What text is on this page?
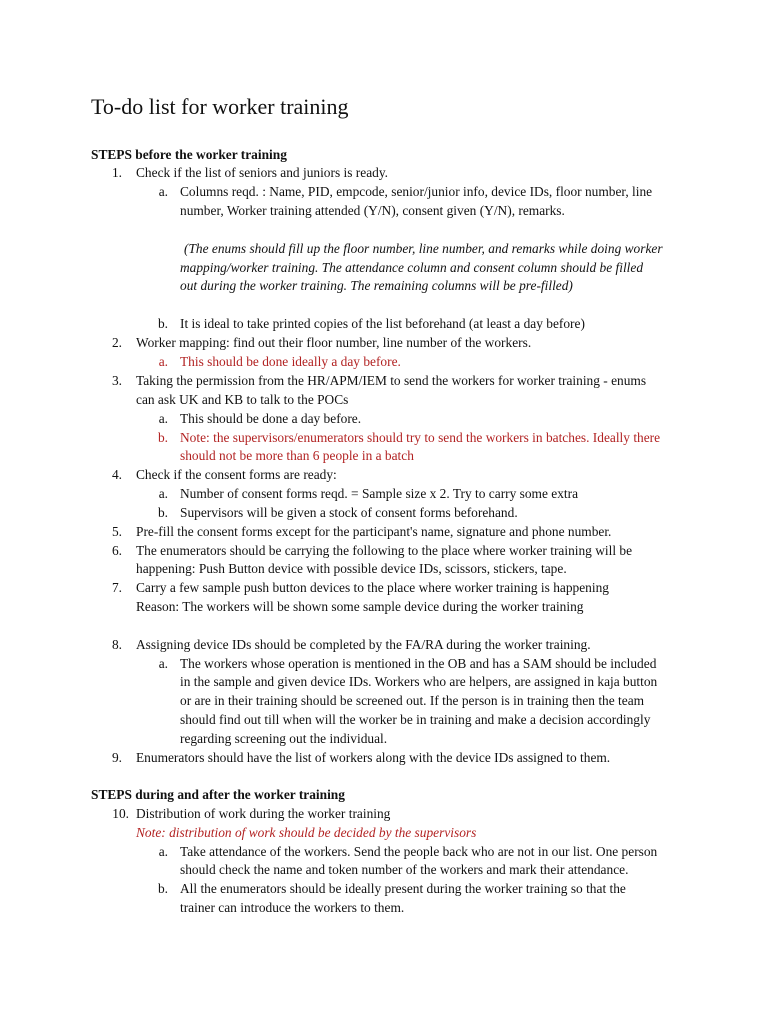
To-do list for worker training
STEPS before the worker training
1. Check if the list of seniors and juniors is ready.
a. Columns reqd. : Name, PID, empcode, senior/junior info, device IDs, floor number, line
number, Worker training attended (Y/N), consent given (Y/N), remarks.
(The enums should fill up the floor number, line number, and remarks while doing worker
mapping/worker training. The attendance column and consent column should be filled
out during the worker training. The remaining columns will be pre-filled)
b. It is ideal to take printed copies of the list beforehand (at least a day before)
2. Worker mapping: find out their floor number, line number of the workers.
a. This should be done ideally a day before.
3. Taking the permission from the HR/APM/IEM to send the workers for worker training - enums
can ask UK and KB to talk to the POCs
a. This should be done a day before.
b. Note: the supervisors/enumerators should try to send the workers in batches. Ideally there
should not be more than 6 people in a batch
4. Check if the consent forms are ready:
a. Number of consent forms reqd. = Sample size x 2. Try to carry some extra
b. Supervisors will be given a stock of consent forms beforehand.
5. Pre-fill the consent forms except for the participant's name, signature and phone number.
6. The enumerators should be carrying the following to the place where worker training will be
happening: Push Button device with possible device IDs, scissors, stickers, tape.
7. Carry a few sample push button devices to the place where worker training is happening
Reason: The workers will be shown some sample device during the worker training
8. Assigning device IDs should be completed by the FA/RA during the worker training.
a. The workers whose operation is mentioned in the OB and has a SAM should be included
in the sample and given device IDs. Workers who are helpers, are assigned in kaja button
or are in their training should be screened out. If the person is in training then the team
should find out till when will the worker be in training and make a decision accordingly
regarding screening out the individual.
9. Enumerators should have the list of workers along with the device IDs assigned to them.
STEPS during and after the worker training
10. Distribution of work during the worker training
Note: distribution of work should be decided by the supervisors
a. Take attendance of the workers. Send the people back who are not in our list. One person
should check the name and token number of the workers and mark their attendance.
b. All the enumerators should be ideally present during the worker training so that the
trainer can introduce the workers to them.
